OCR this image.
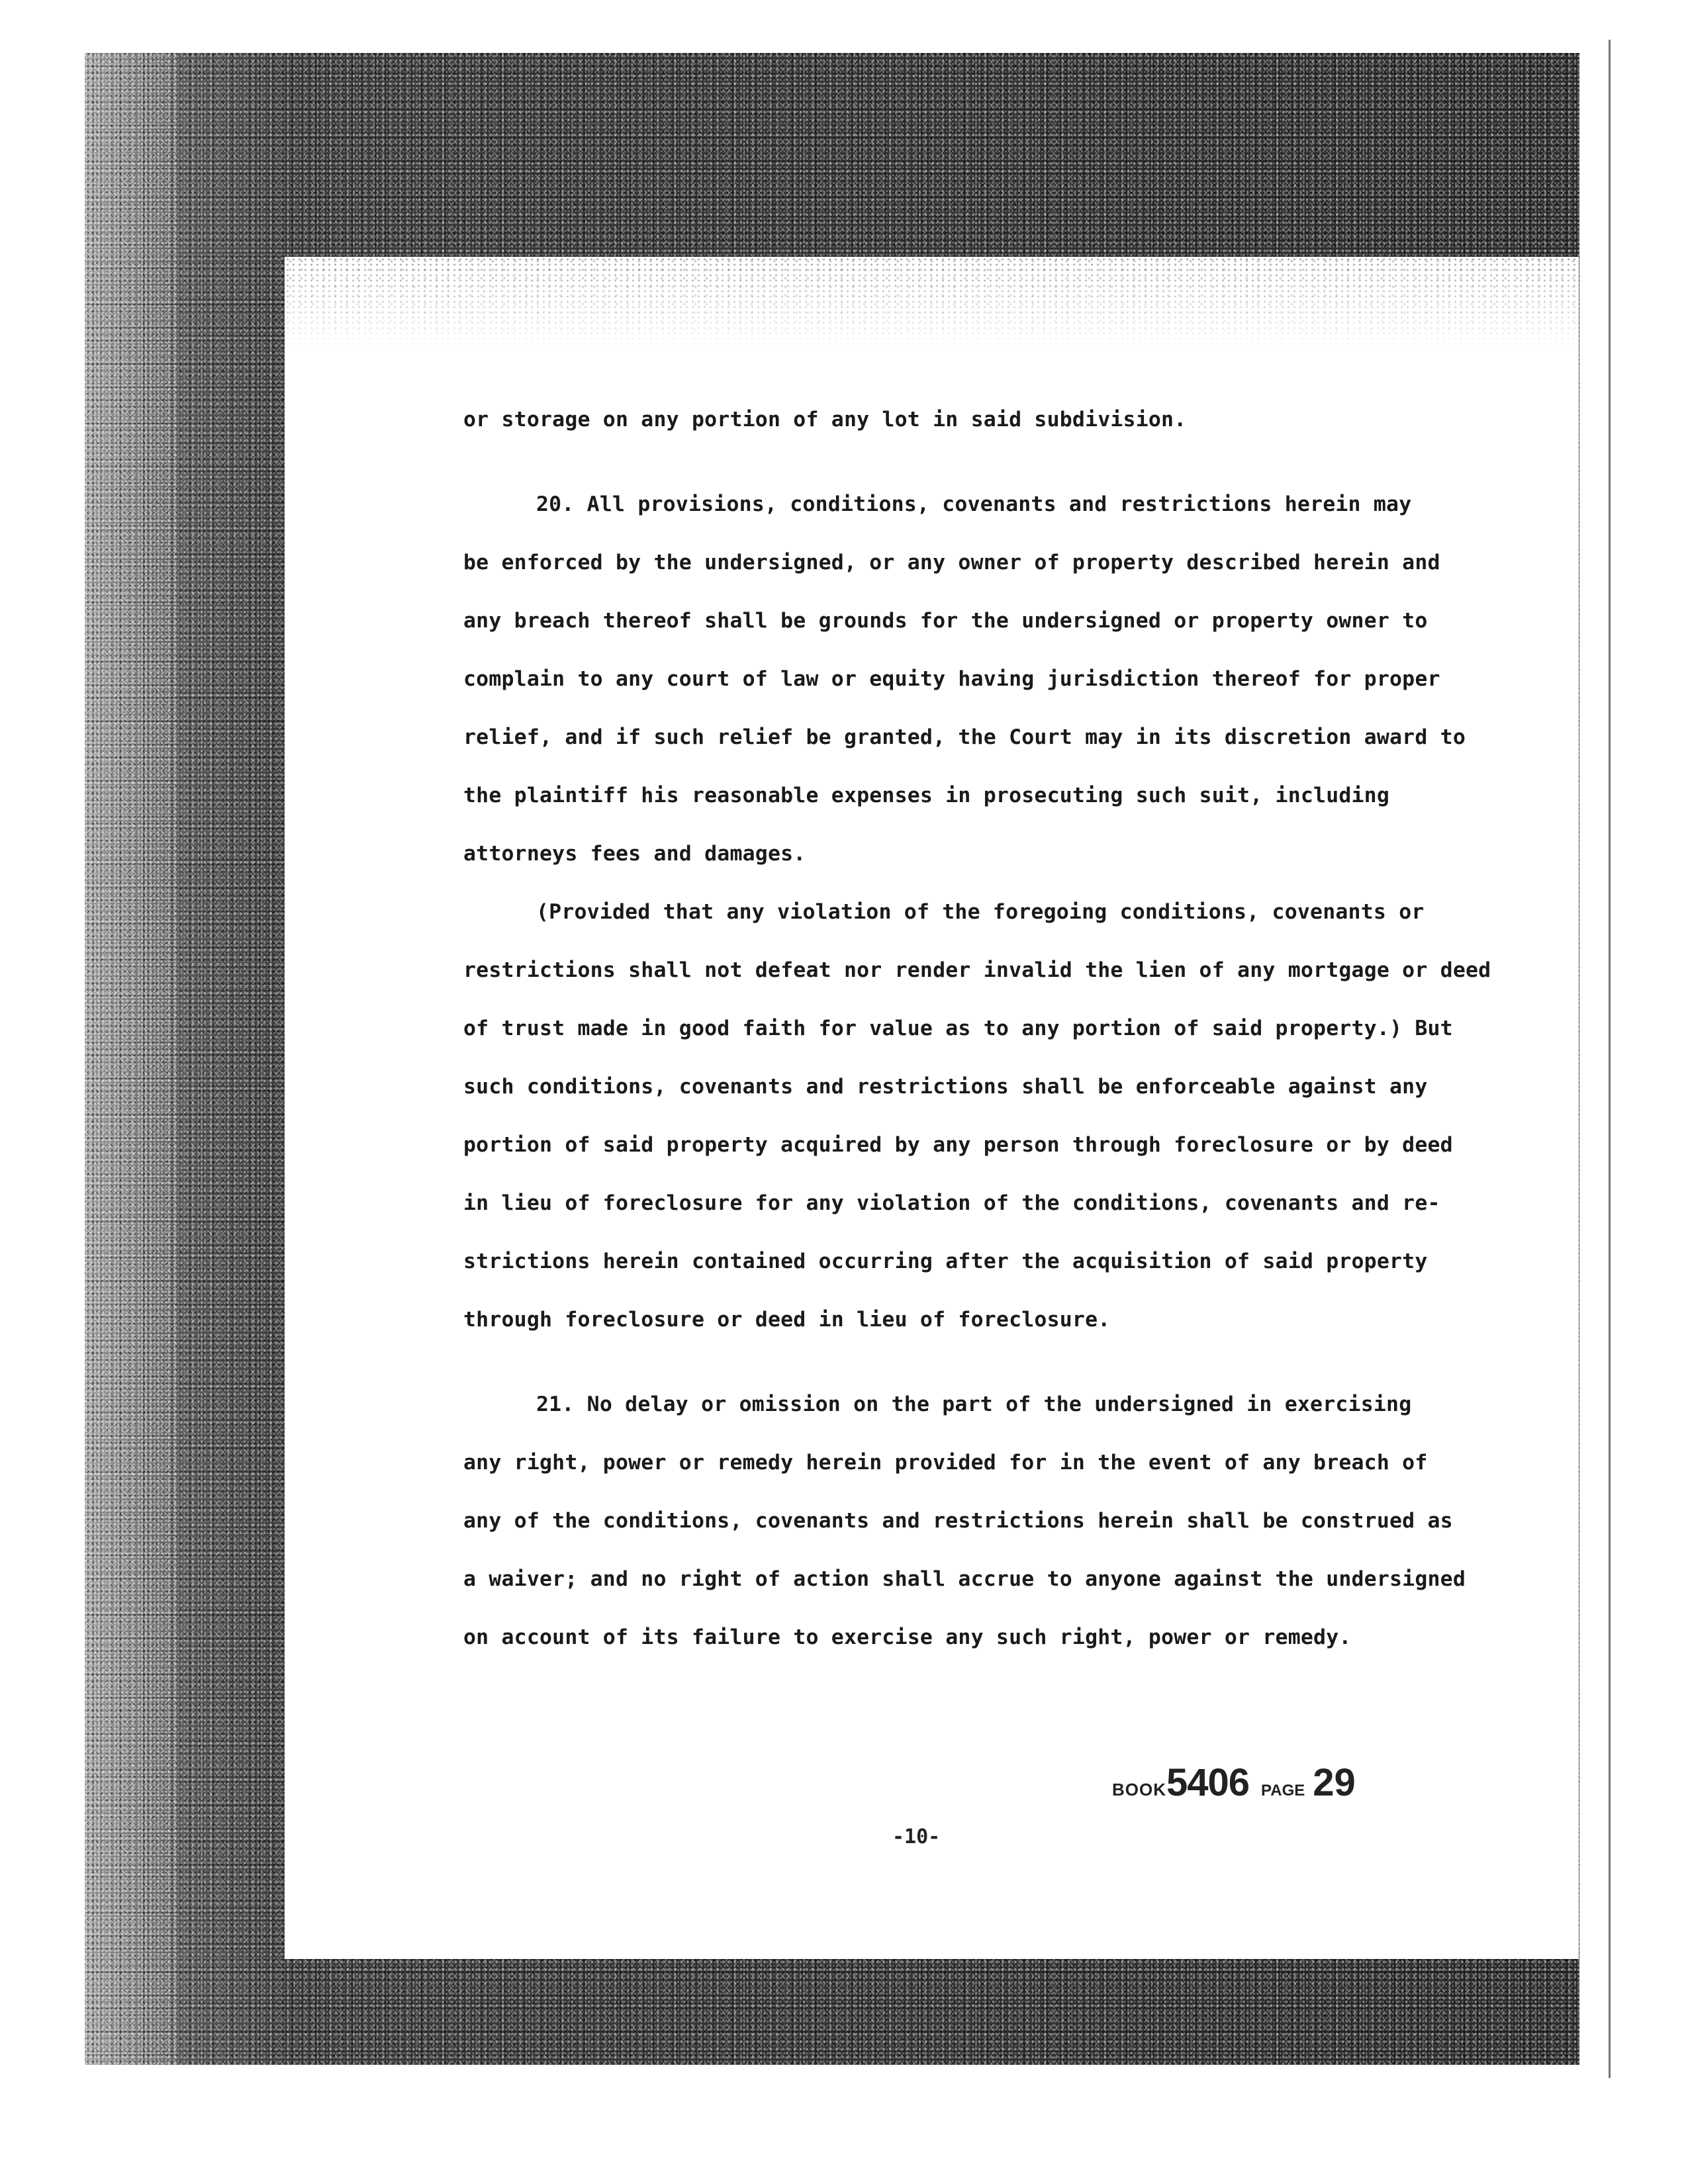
or storage on any portion of any lot in said subdivision.
20. All provisions, conditions, covenants and restrictions herein may
be enforced by the undersigned, or any owner of property described herein and
any breach thereof shall be grounds for the undersigned or property owner to
complain to any court of law or equity having jurisdiction thereof for proper
relief, and if such relief be granted, the Court may in its discretion award to
the plaintiff his reasonable expenses in prosecuting such suit, including
attorneys fees and damages.
(Provided that any violation of the foregoing conditions, covenants or
restrictions shall not defeat nor render invalid the lien of any mortgage or deed
of trust made in good faith for value as to any portion of said property.) But
such conditions, covenants and restrictions shall be enforceable against any
portion of said property acquired by any person through foreclosure or by deed
in lieu of foreclosure for any violation of the conditions, covenants and re-
strictions herein contained occurring after the acquisition of said property
through foreclosure or deed in lieu of foreclosure.
21. No delay or omission on the part of the undersigned in exercising
any right, power or remedy herein provided for in the event of any breach of
any of the conditions, covenants and restrictions herein shall be construed as
a waiver; and no right of action shall accrue to anyone against the undersigned
on account of its failure to exercise any such right, power or remedy.
BOOK5406 PAGE 29
-10-
